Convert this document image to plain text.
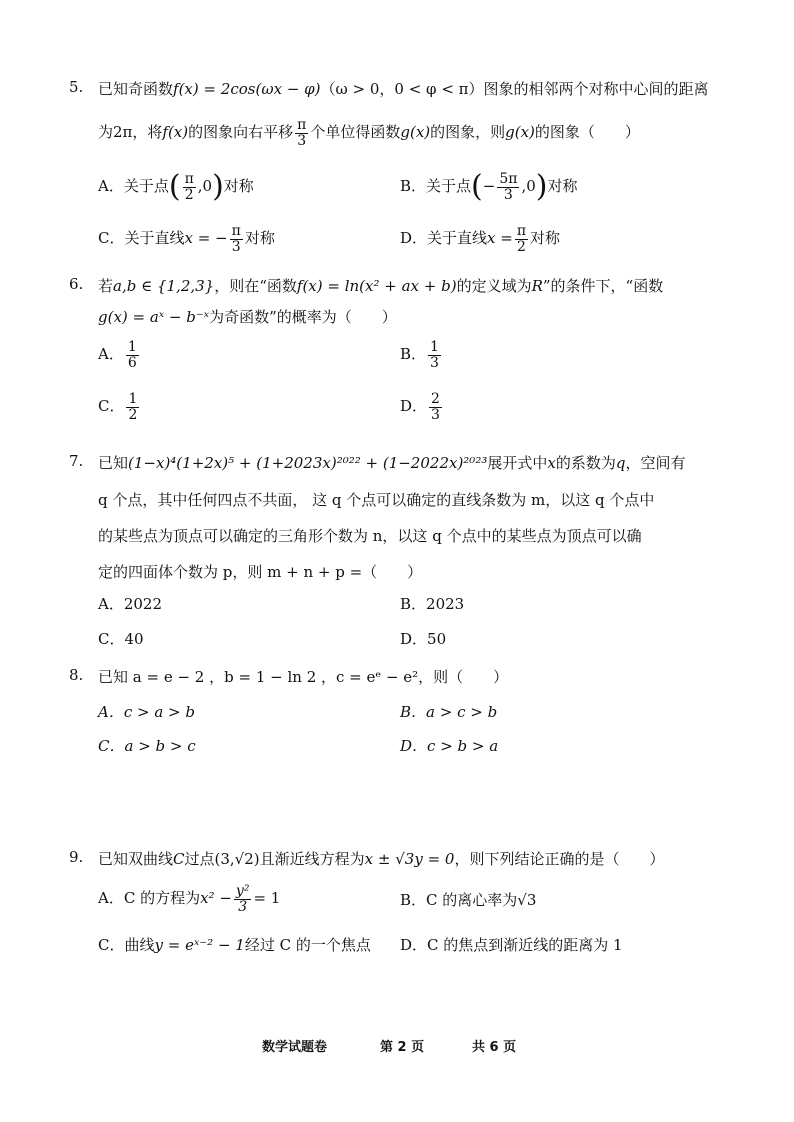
5. 已知奇函数f(x) = 2cos(ωx − φ)（ω > 0，0 < φ < π）图象的相邻两个对称中心间的距离
为2π，将f(x)的图象向右平移 $\frac{\pi}{3}$ 个单位得函数g(x)的图象，则g(x)的图象（　　）
A．关于点( $\frac{\pi}{2} ,0$)对称	B．关于点(− $\frac{5\pi}{3} ,0$)对称
C．关于直线x = − $\frac{\pi}{3}$ 对称	D．关于直线$x = \frac{\pi}{2}$ 对称
6. 若a,b ∈ {1,2,3}，则在“函数f(x) = ln(x² + ax + b)的定义域为R”的条件下，“函数
g(x) = aˣ − b⁻ˣ为奇函数”的概率为（　　）
A． $\frac{1}{6}$	B． $\frac{1}{3}$
C． $\frac{1}{2}$	D． $\frac{2}{3}$
7. 已知(1−x)⁴(1+2x)⁵ + (1+2023x)²⁰²² + (1−2022x)²⁰²³展开式中x的系数为q，空间有
q 个点，其中任何四点不共面， 这 q 个点可以确定的直线条数为 m，以这 q 个点中
的某些点为顶点可以确定的三角形个数为 n，以这 q 个点中的某些点为顶点可以确
定的四面体个数为 p，则 m + n + p =（　　）
A．2022	B．2023
C．40	D．50
8. 已知 a = e − 2 ，b = 1 − ln 2 ，c = eᵉ − e²，则（　　）
A．c > a > b	B．a > c > b
C．a > b > c	D．c > b > a
9. 已知双曲线C过点(3,√2)且渐近线方程为x ± √3y = 0，则下列结论正确的是（　　）
A．C 的方程为$x^2 - \frac{\text{y²}}{3} = 1$	B．C 的离心率为√3
C．曲线y = eˣ⁻² − 1经过 C 的一个焦点 D．C 的焦点到渐近线的距离为 1
数学试题卷	第 2 页	共 6 页
